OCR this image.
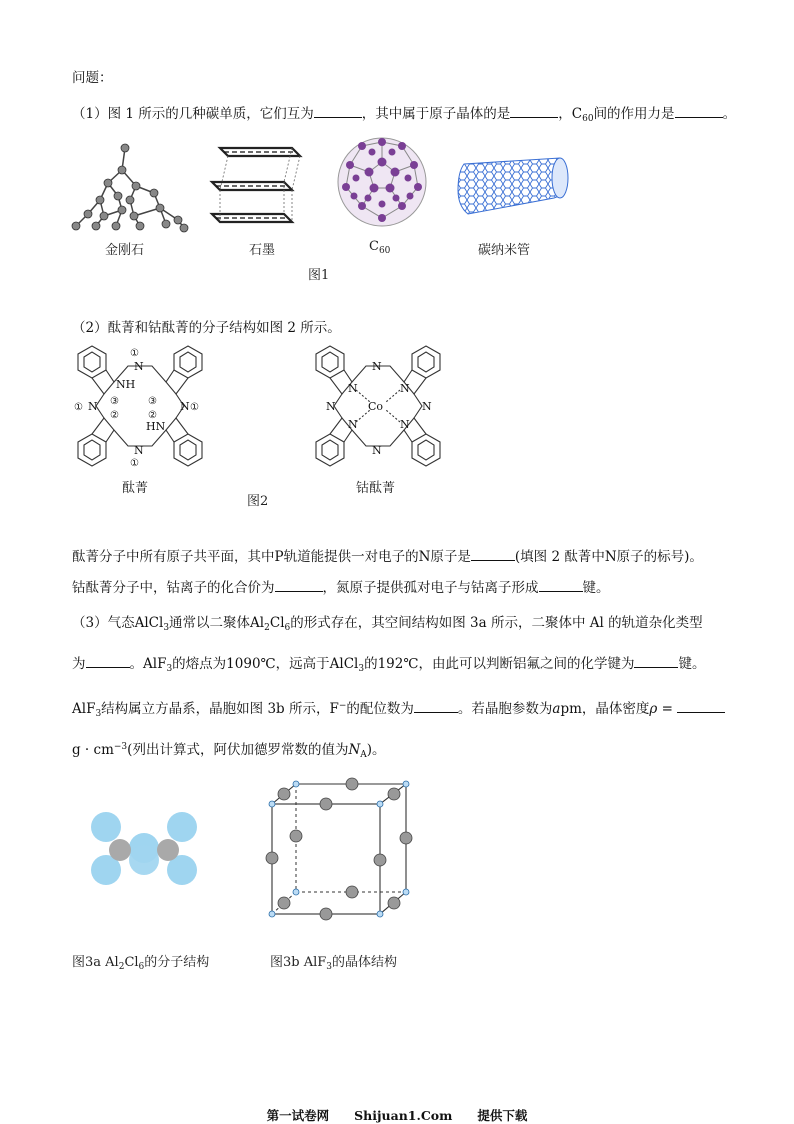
问题：
（1）图 1 所示的几种碳单质，它们互为	，其中属于原子晶体的是	，$C_{60}$间的作用力是	。
金刚石	石墨	$C_{60}$	碳纳米管
图1
（2）酞菁和钴酞菁的分子结构如图 2 所示。
N
N
N	N
NH
HN
①
①
①	①
③
②
③
②
酞菁
N
N
N	N
N	N
N	N
Co
钴酞菁
图2
酞菁分子中所有原子共平面，其中P轨道能提供一对电子的N原子是	(填图 2 酞菁中N原子的标号)。
钴酞菁分子中，钴离子的化合价为	，氮原子提供孤对电子与钴离子形成	键。
（3）气态AlCl$_3$通常以二聚体$Al_2Cl_6$的形式存在，其空间结构如图 3a 所示，二聚体中 Al 的轨道杂化类型
为	。AlF$_3$的熔点为1090℃，远高于AlCl$_3$的192℃，由此可以判断铝氟之间的化学键为	键。
AlF$_3$结构属立方晶系，晶胞如图 3b 所示，F−的配位数为	。若晶胞参数为apm，晶体密度ρ =
$g \cdot cm^{-3}$(列出计算式，阿伏加德罗常数的值为$N_A$)。
图3a $Al_2Cl_6$的分子结构	图3b AlF$_3$的晶体结构
第一试卷网　　Shijuan1.Com　　提供下载
